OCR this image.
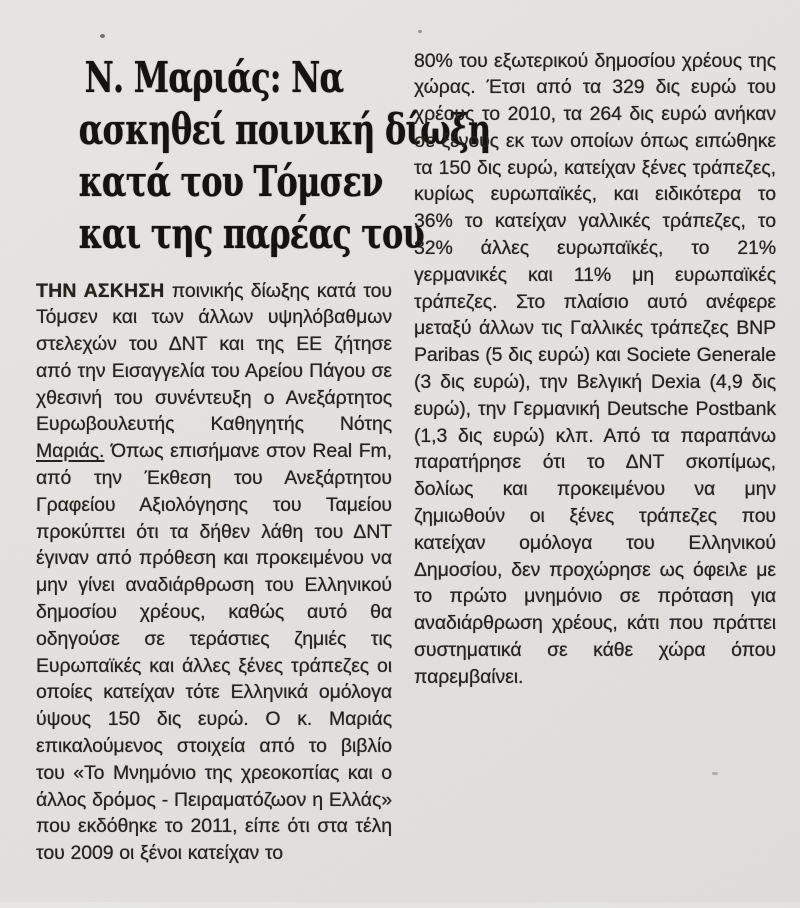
Ν. Μαριάς: Να
ασκηθεί ποινική δίωξη
κατά του Τόμσεν
και της παρέας του

ΤΗΝ ΑΣΚΗΣΗ ποινικής δίωξης κατά του Τόμσεν και των άλλων υψηλόβαθμων στελεχών του ΔΝΤ και της ΕΕ ζήτησε από την Εισαγγελία του Αρείου Πάγου σε χθεσινή του συνέντευξη ο Ανεξάρτητος Ευρωβουλευτής Καθηγητής Νότης Μαριάς. Όπως επισήμανε στον Real Fm, από την Έκθεση του Ανεξάρτητου Γραφείου Αξιολόγησης του Ταμείου προκύπτει ότι τα δήθεν λάθη του ΔΝΤ έγιναν από πρόθεση και προκειμένου να μην γίνει αναδιάρθρωση του Ελληνικού δημοσίου χρέους, καθώς αυτό θα οδηγούσε σε τεράστιες ζημιές τις Ευρωπαϊκές και άλλες ξένες τράπεζες οι οποίες κατείχαν τότε Ελληνικά ομόλογα ύψους 150 δις ευρώ. Ο κ. Μαριάς επικαλούμενος στοιχεία από το βιβλίο του «Το Μνημόνιο της χρεοκοπίας και ο άλλος δρόμος - Πειραματόζωον η Ελλάς» που εκδόθηκε το 2011, είπε ότι στα τέλη του 2009 οι ξένοι κατείχαν το

80% του εξωτερικού δημοσίου χρέους της χώρας. Έτσι από τα 329 δις ευρώ του χρέους το 2010, τα 264 δις ευρώ ανήκαν σε ξένους εκ των οποίων όπως ειπώθηκε τα 150 δις ευρώ, κατείχαν ξένες τράπεζες, κυρίως ευρωπαϊκές, και ειδικότερα το 36% το κατείχαν γαλλικές τράπεζες, το 32% άλλες ευρωπαϊκές, το 21% γερμανικές και 11% μη ευρωπαϊκές τράπεζες. Στο πλαίσιο αυτό ανέφερε μεταξύ άλλων τις Γαλλικές τράπεζες BNP Paribas (5 δις ευρώ) και Societe Generale (3 δις ευρώ), την Βελγική Dexia (4,9 δις ευρώ), την Γερμανική Deutsche Postbank (1,3 δις ευρώ) κλπ. Από τα παραπάνω παρατήρησε ότι το ΔΝΤ σκοπίμως, δολίως και προκειμένου να μην ζημιωθούν οι ξένες τράπεζες που κατείχαν ομόλογα του Ελληνικού Δημοσίου, δεν προχώρησε ως όφειλε με το πρώτο μνημόνιο σε πρόταση για αναδιάρθρωση χρέους, κάτι που πράττει συστηματικά σε κάθε χώρα όπου παρεμβαίνει.
